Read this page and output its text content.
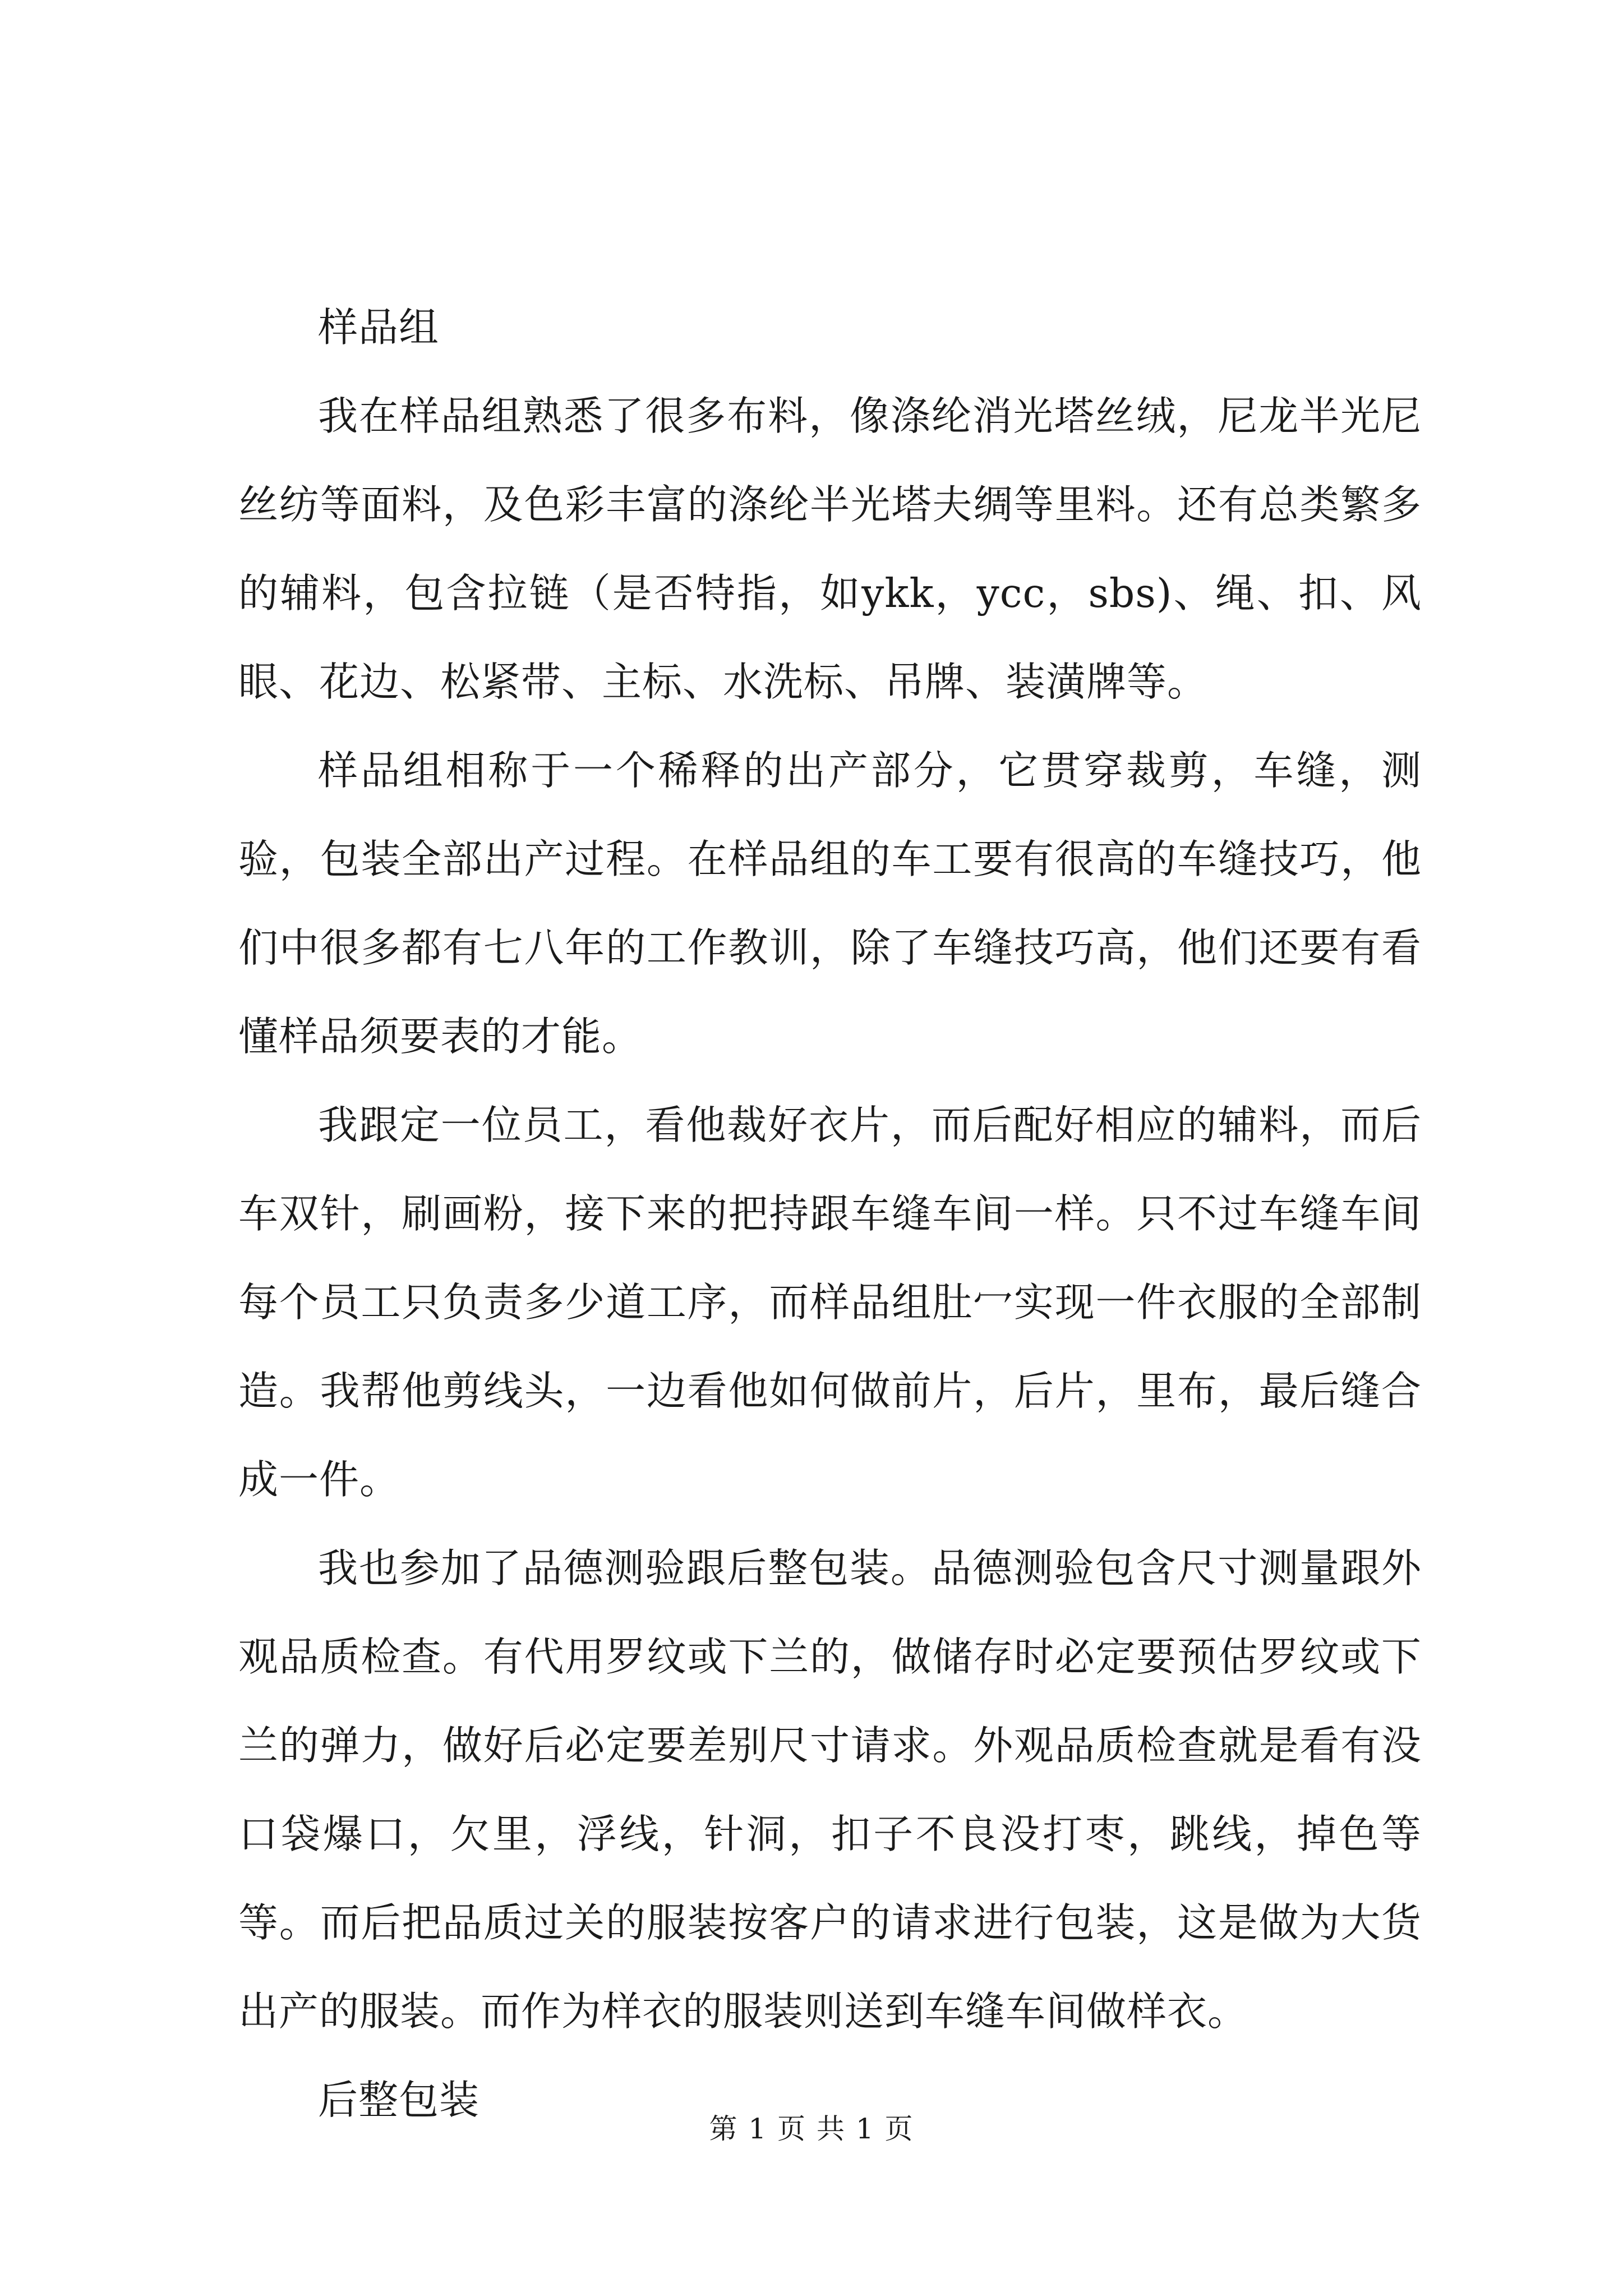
样品组

我在样品组熟悉了很多布料，像涤纶消光塔丝绒，尼龙半光尼丝纺等面料，及色彩丰富的涤纶半光塔夫绸等里料。还有总类繁多的辅料，包含拉链（是否特指，如ykk，ycc，sbs)、绳、扣、风眼、花边、松紧带、主标、水洗标、吊牌、装潢牌等。

样品组相称于一个稀释的出产部分，它贯穿裁剪，车缝，测验，包装全部出产过程。在样品组的车工要有很高的车缝技巧，他们中很多都有七八年的工作教训，除了车缝技巧高，他们还要有看懂样品须要表的才能。

我跟定一位员工，看他裁好衣片，而后配好相应的辅料，而后车双针，刷画粉，接下来的把持跟车缝车间一样。只不过车缝车间每个员工只负责多少道工序，而样品组肚冖实现一件衣服的全部制造。我帮他剪线头，一边看他如何做前片，后片，里布，最后缝合成一件。

我也参加了品德测验跟后整包装。品德测验包含尺寸测量跟外观品质检查。有代用罗纹或下兰的，做储存时必定要预估罗纹或下兰的弹力，做好后必定要差别尺寸请求。外观品质检查就是看有没口袋爆口，欠里，浮线，针洞，扣子不良没打枣，跳线，掉色等等。而后把品质过关的服装按客户的请求进行包装，这是做为大货出产的服装。而作为样衣的服装则送到车缝车间做样衣。

后整包装

第 1 页 共 1 页
